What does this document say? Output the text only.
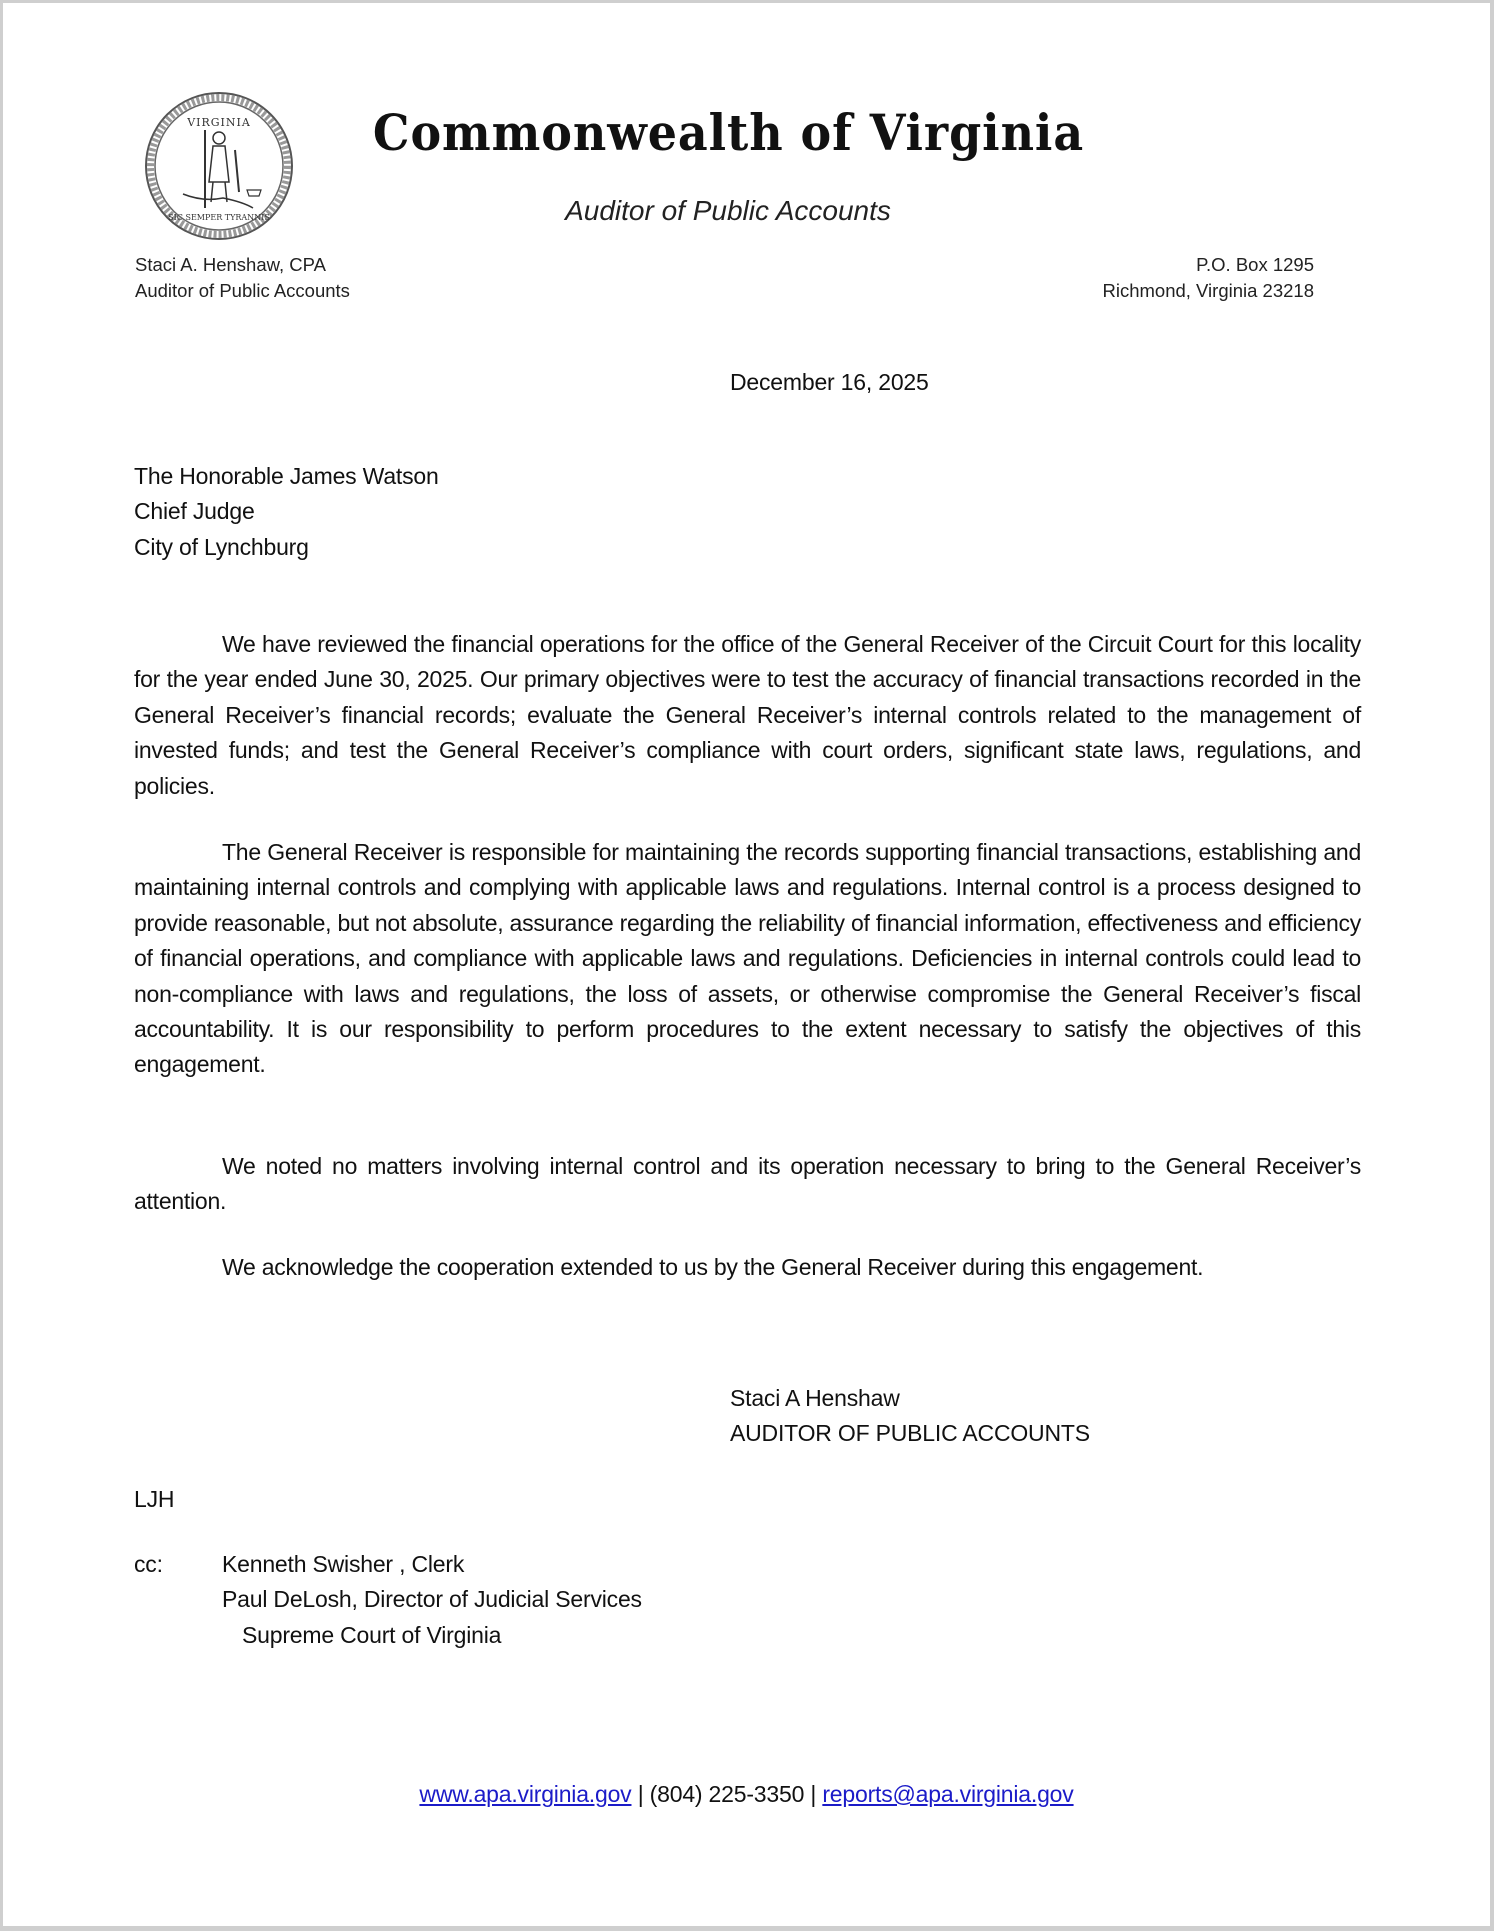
VIRGINIA
SIC SEMPER TYRANNIS
Commonwealth of Virginia
Auditor of Public Accounts
Staci A. Henshaw, CPA
Auditor of Public Accounts
P.O. Box 1295
Richmond, Virginia 23218
December 16, 2025
The Honorable James Watson
Chief Judge
City of Lynchburg

We have reviewed the financial operations for the office of the General Receiver of the Circuit Court for this locality for the year ended June 30, 2025. Our primary objectives were to test the accuracy of financial transactions recorded in the General Receiver’s financial records; evaluate the General Receiver’s internal controls related to the management of invested funds; and test the General Receiver’s compliance with court orders, significant state laws, regulations, and policies.

The General Receiver is responsible for maintaining the records supporting financial transactions, establishing and maintaining internal controls and complying with applicable laws and regulations. Internal control is a process designed to provide reasonable, but not absolute, assurance regarding the reliability of financial information, effectiveness and efficiency of financial operations, and compliance with applicable laws and regulations. Deficiencies in internal controls could lead to non-compliance with laws and regulations, the loss of assets, or otherwise compromise the General Receiver’s fiscal accountability. It is our responsibility to perform procedures to the extent necessary to satisfy the objectives of this engagement.

We noted no matters involving internal control and its operation necessary to bring to the General Receiver’s attention.

We acknowledge the cooperation extended to us by the General Receiver during this engagement.

Staci A Henshaw
AUDITOR OF PUBLIC ACCOUNTS
LJH
cc:	Kenneth Swisher , Clerk
Paul DeLosh, Director of Judicial Services
Supreme Court of Virginia
www.apa.virginia.gov | (804) 225-3350 | reports@apa.virginia.gov
